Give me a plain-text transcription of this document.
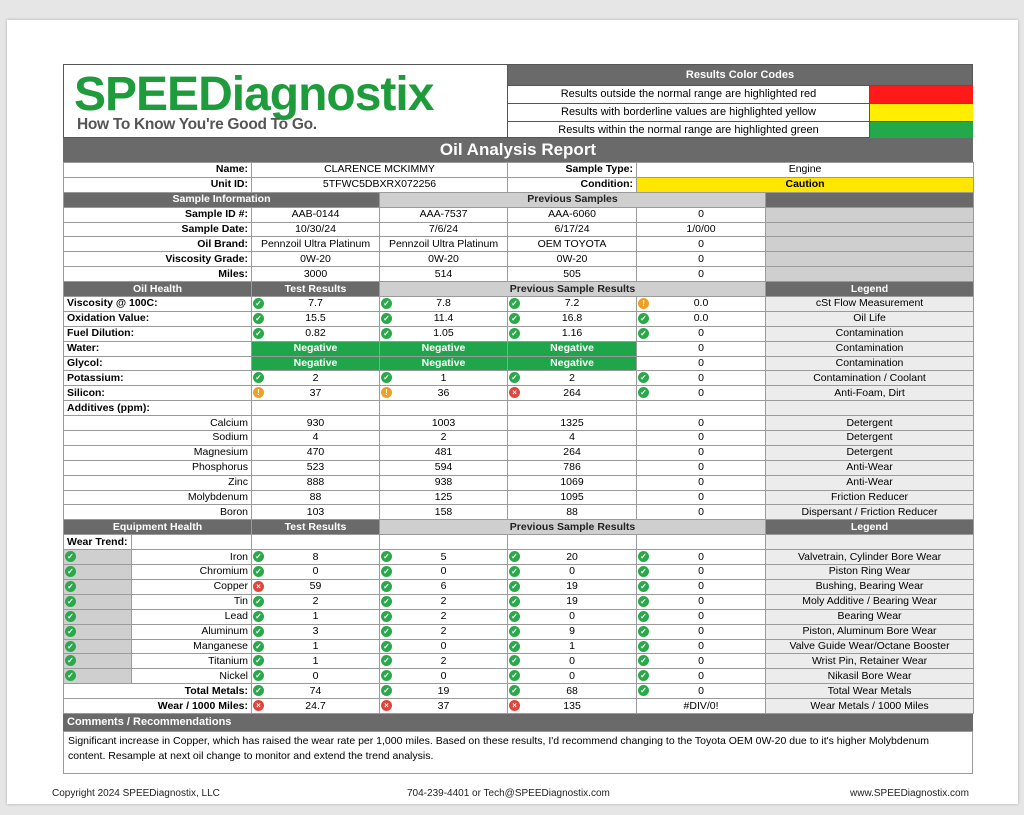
SPEEDiagnostix
How To Know You're Good To Go.
Results Color Codes
Results outside the normal range are highlighted red
Results with borderline values are highlighted yellow
Results within the normal range are highlighted green
Oil Analysis Report
Name:		CLARENCE MCKIMMY		Sample Type:	Engine	
Unit ID:		5TFWC5DBXRX072256		Condition:	Caution	
Sample Information			Previous Samples			
Sample ID #:		AAB-0144	AAA-7537	AAA-6060	0	
Sample Date:		10/30/24	7/6/24	6/17/24	1/0/00	
Oil Brand:		Pennzoil Ultra Platinum	Pennzoil Ultra Platinum	OEM TOYOTA	0	
Viscosity Grade:		0W-20	0W-20	0W-20	0	
Miles:		3000	514	505	0	
Oil Health		Test Results	Previous Sample Results			Legend
Viscosity @ 100C:		✓ 7.7	✓ 7.8	✓ 7.2	! 0.0	cSt Flow Measurement
Oxidation Value:		✓ 15.5	✓ 11.4	✓ 16.8	✓ 0.0	Oil Life
Fuel Dilution:		✓ 0.82	✓ 1.05	✓ 1.16	✓ 0	Contamination
Water:		Negative	Negative	Negative	0	Contamination
Glycol:		Negative	Negative	Negative	0	Contamination
Potassium:		✓ 2	✓ 1	✓ 2	✓ 0	Contamination / Coolant
Silicon:		! 37	! 36	× 264	✓ 0	Anti-Foam, Dirt
Additives (ppm):						
Calcium		930	1003	1325	0	Detergent
Sodium		4	2	4	0	Detergent
Magnesium		470	481	264	0	Detergent
Phosphorus		523	594	786	0	Anti-Wear
Zinc		888	938	1069	0	Anti-Wear
Molybdenum		88	125	1095	0	Friction Reducer
Boron		103	158	88	0	Dispersant / Friction Reducer
Equipment Health		Test Results	Previous Sample Results			Legend
Wear Trend:						

✓	Iron	✓ 8	✓ 5	✓ 20	✓ 0	Valvetrain, Cylinder Bore Wear

✓	Chromium	✓ 0	✓ 0	✓ 0	✓ 0	Piston Ring Wear

✓	Copper	× 59	✓ 6	✓ 19	✓ 0	Bushing, Bearing Wear

✓	Tin	✓ 2	✓ 2	✓ 19	✓ 0	Moly Additive / Bearing Wear

✓	Lead	✓ 1	✓ 2	✓ 0	✓ 0	Bearing Wear

✓	Aluminum	✓ 3	✓ 2	✓ 9	✓ 0	Piston, Aluminum Bore Wear

✓	Manganese	✓ 1	✓ 0	✓ 1	✓ 0	Valve Guide Wear/Octane Booster

✓	Titanium	✓ 1	✓ 2	✓ 0	✓ 0	Wrist Pin, Retainer Wear

✓	Nickel	✓ 0	✓ 0	✓ 0	✓ 0	Nikasil Bore Wear
Total Metals:		✓ 74	✓ 19	✓ 68	✓ 0	Total Wear Metals
Wear / 1000 Miles:		× 24.7	× 37	× 135	#DIV/0!	Wear Metals / 1000 Miles
Comments / Recommendations
Significant increase in Copper, which has raised the wear rate per 1,000 miles. Based on these results, I'd recommend changing to the Toyota OEM 0W-20 due to it's higher Molybdenum content. Resample at next oil change to monitor and extend the trend analysis.
Copyright 2024 SPEEDiagnostix, LLC	704-239-4401 or Tech@SPEEDiagnostix.com	www.SPEEDiagnostix.com
